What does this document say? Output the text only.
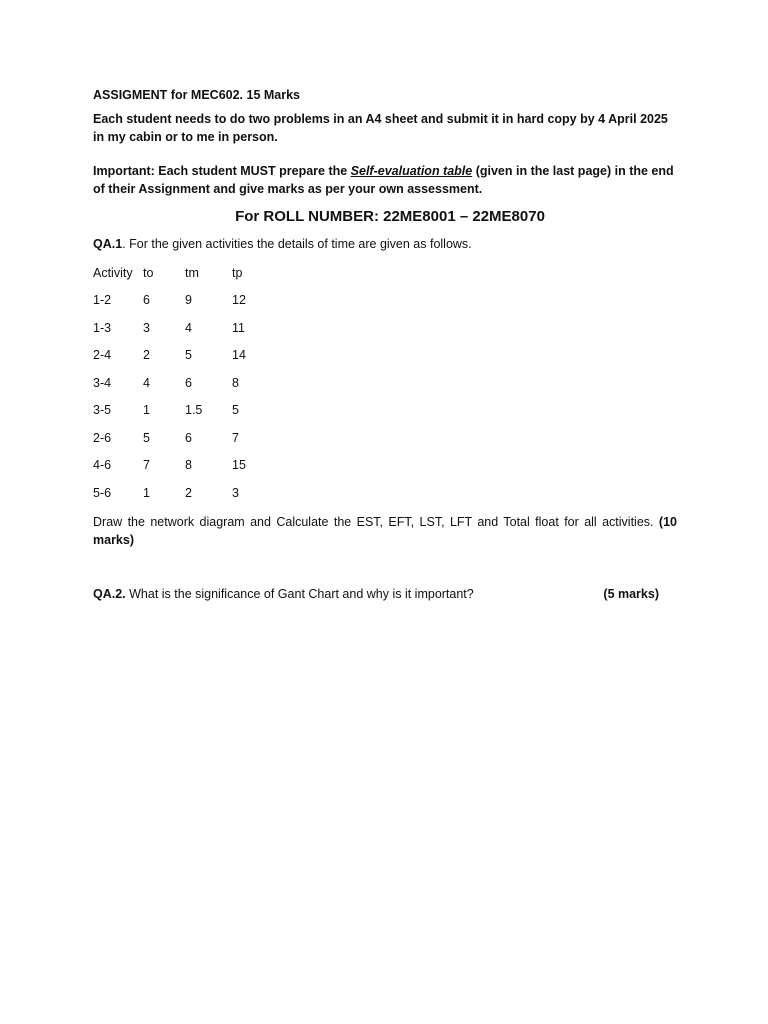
ASSIGMENT for MEC602. 15 Marks

Each student needs to do two problems in an A4 sheet and submit it in hard copy by 4 April 2025 in my cabin or to me in person.

Important: Each student MUST prepare the Self-evaluation table (given in the last page) in the end of their Assignment and give marks as per your own assessment.

For ROLL NUMBER: 22ME8001 – 22ME8070

QA.1. For the given activities the details of time are given as follows.

Activity	to	tm	tp
1-2	6	9	12
1-3	3	4	11
2-4	2	5	14
3-4	4	6	8
3-5	1	1.5	5
2-6	5	6	7
4-6	7	8	15
5-6	1	2	3

Draw the network diagram and Calculate the EST, EFT, LST, LFT and Total float for all activities. (10 marks)

QA.2. What is the significance of Gant Chart and why is it important?	(5 marks)
